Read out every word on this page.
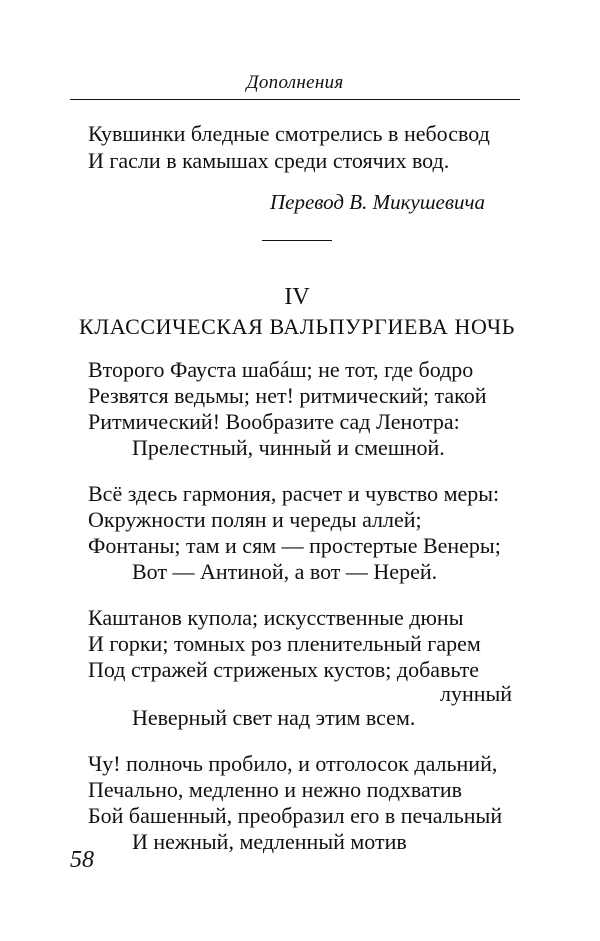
Дополнения
Кувшинки бледные смотрелись в небосвод
И гасли в камышах среди стоячих вод.
Перевод В. Микушевича
IV
КЛАССИЧЕСКАЯ ВАЛЬПУРГИЕВА НОЧЬ
Второго Фауста шабáш; не тот, где бодро
Резвятся ведьмы; нет! ритмический; такой
Ритмический! Вообразите сад Ленотра:
Прелестный, чинный и смешной.
Всё здесь гармония, расчет и чувство меры:
Окружности полян и череды аллей;
Фонтаны; там и сям — простертые Венеры;
Вот — Антиной, а вот — Нерей.
Каштанов купола; искусственные дюны
И горки; томных роз пленительный гарем
Под стражей стриженых кустов; добавьте
лунный
Неверный свет над этим всем.
Чу! полночь пробило, и отголосок дальний,
Печально, медленно и нежно подхватив
Бой башенный, преобразил его в печальный
И нежный, медленный мотив
58
